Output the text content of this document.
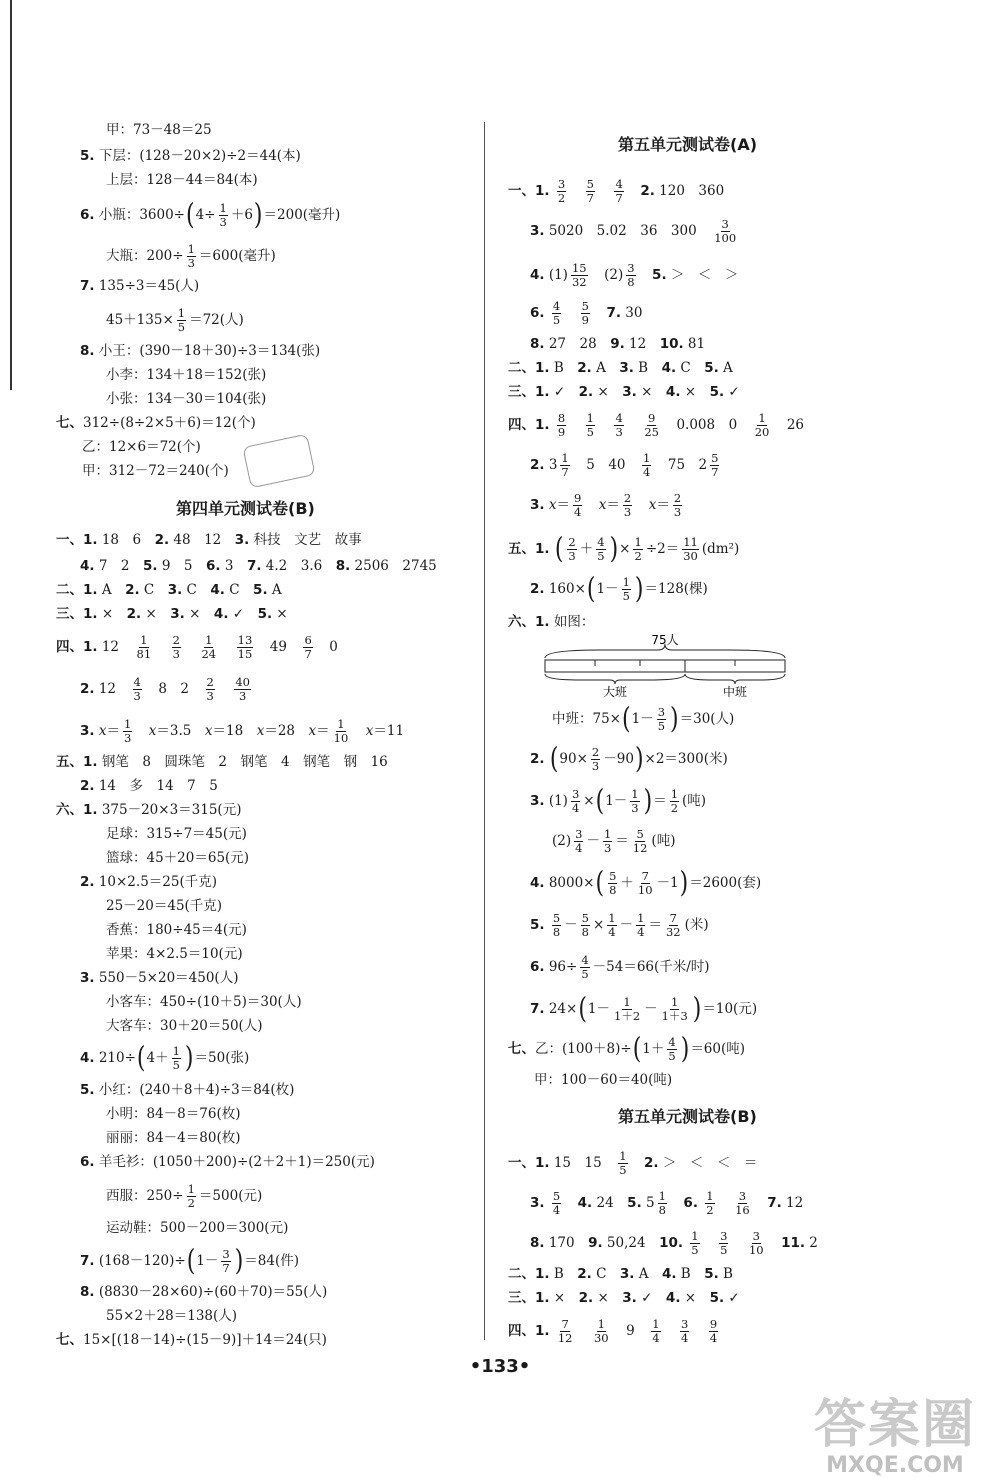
甲：73－48＝25
5. 下层：(128－20×2)÷2＝44(本)
上层：128－44＝84(本)
6. 小瓶：$3600\div(4\div \frac{1}{3} +6)=200$(毫升)
大瓶：$200\div \frac{1}{3} =600$(毫升)
7. 135÷3＝45(人)
$45+135\times \frac{1}{5} =72$(人)
8. 小王：(390－18＋30)÷3＝134(张)
小李：134＋18＝152(张)
小张：134－30＝104(张)
七、312÷(8÷2×5＋6)＝12(个)
乙：12×6＝72(个)
甲：312－72＝240(个)
第四单元测试卷(B)
一、1. 18　6　2. 48　12　3. 科技　文艺　故事
4. 7　2　5. 9　5　6. 3　7. 4.2　3.6　8. 2506　2745
二、1. A　2. C　3. C　4. C　5. A
三、1. ×　2. ×　3. ×　4. ✓　5. ×
四、1. 12　 $\frac{1}{81}$
　 $\frac{2}{3}$
　 $\frac{1}{24}$
　 $\frac{13}{15}$ 　49　 $\frac{6}{7}$ 　0
2. 12　 $\frac{4}{3}$ 　8　2　 $\frac{2}{3}$
　 $\frac{40}{3}$
3. $x= \frac{1}{3}$
　 x＝3.5　x＝18　x＝28　$x= \frac{1}{10}$
　 x＝11
五、1. 钢笔　8　圆珠笔　2　钢笔　4　钢笔　钢　16
2. 14　多　14　7　5
六、1. 375－20×3＝315(元)
足球：315÷7＝45(元)
篮球：45＋20＝65(元)
2. 10×2.5＝25(千克)
25－20＝45(千克)
香蕉：180÷45＝4(元)
苹果：4×2.5＝10(元)
3. 550－5×20＝450(人)
小客车：450÷(10＋5)＝30(人)
大客车：30＋20＝50(人)
4. $210\div(4+ \frac{1}{5} )=50$(张)
5. 小红：(240＋8＋4)÷3＝84(枚)
小明：84－8＝76(枚)
丽丽：84－4＝80(枚)
6. 羊毛衫：(1050＋200)÷(2＋2＋1)＝250(元)
西服：$250\div \frac{1}{2} =500$(元)
运动鞋：500－200＝300(元)
7. $(168-120)\div(1- \frac{3}{7} )=84$(件)
8. (8830－28×60)÷(60＋70)＝55(人)
55×2＋28＝138(人)
七、15×[(18－14)÷(15－9)]＋14＝24(只)
第五单元测试卷(A)
一、1. $\frac{3}{2}$
　 $\frac{5}{7}$
　 $\frac{4}{7}$
　 2. 120　360
3. 5020　5.02　36　300　 $\frac{3}{100}$
4. $(1) \frac{15}{32}$ 　$(2) \frac{3}{8}$
　 5. ＞　＜　＞
6. $\frac{4}{5}$
　 $\frac{5}{9}$
　 7. 30
8. 27　28　9. 12　10. 81
二、1. B　2. A　3. B　4. C　5. A
三、1. ✓　2. ×　3. ×　4. ×　5. ✓
四、1. $\frac{8}{9}$
　 $\frac{1}{5}$
　 $\frac{4}{3}$
　 $\frac{9}{25}$ 　0.008　0　 $\frac{1}{20}$ 　26
2. $3 \frac{1}{7}$ 　5　40　 $\frac{1}{4}$ 　75　$2 \frac{5}{7}$
3. $x= \frac{9}{4}$
　 $x= \frac{2}{3}$
　 $x= \frac{2}{3}$
五、1. ( $\frac{2}{3} + \frac{4}{5}$ )× $\frac{1}{2} \div 2= \frac{11}{30} (dm^2)$
2. $160\times(1- \frac{1}{5} )=128$(棵)
六、1. 如图：
75人
大班	中班
中班：$75\times(1- \frac{3}{5} )=30$(人)
2. $(90\times \frac{2}{3} -90)\times 2=300$(米)
3. $(1) \frac{3}{4} \times(1- \frac{1}{3}$ )＝ $\frac{1}{2}$ (吨)
$(2) \frac{3}{4} - \frac{1}{3} = \frac{5}{12}$ (吨)
4. $8000\times( \frac{5}{8} + \frac{7}{10} -1)=2600$(套)
5. $\frac{5}{8} - \frac{5}{8} \times \frac{1}{4} - \frac{1}{4} = \frac{7}{32}$ (米)
6. $96\div \frac{4}{5} -54=66$(千米/时)
7. $24\times(1- \frac{1}{1+2} - \frac{1}{1+3} )=10$(元)
七、乙：$(100+8)\div(1+ \frac{4}{5} )=60$(吨)
甲：100－60＝40(吨)
第五单元测试卷(B)
一、1. 15　15　 $\frac{1}{5}$
　 2. ＞　＜　＜　＝
3. $\frac{5}{4}$
　 4. 24　5. $5 \frac{1}{8}$
　 6. $\frac{1}{2}$
　 $\frac{3}{16}$
　 7. 12
8. 170　9. 50,24　10. $\frac{1}{5}$
　 $\frac{3}{5}$
　 $\frac{3}{10}$
　 11. 2
二、1. B　2. C　3. A　4. B　5. B
三、1. ×　2. ×　3. ✓　4. ×　5. ✓
四、1. $\frac{7}{12}$
　 $\frac{1}{30}$ 　9　 $\frac{1}{4}$
　 $\frac{3}{4}$
　 $\frac{9}{4}$
•133•
答案圈
MXQE.COM
